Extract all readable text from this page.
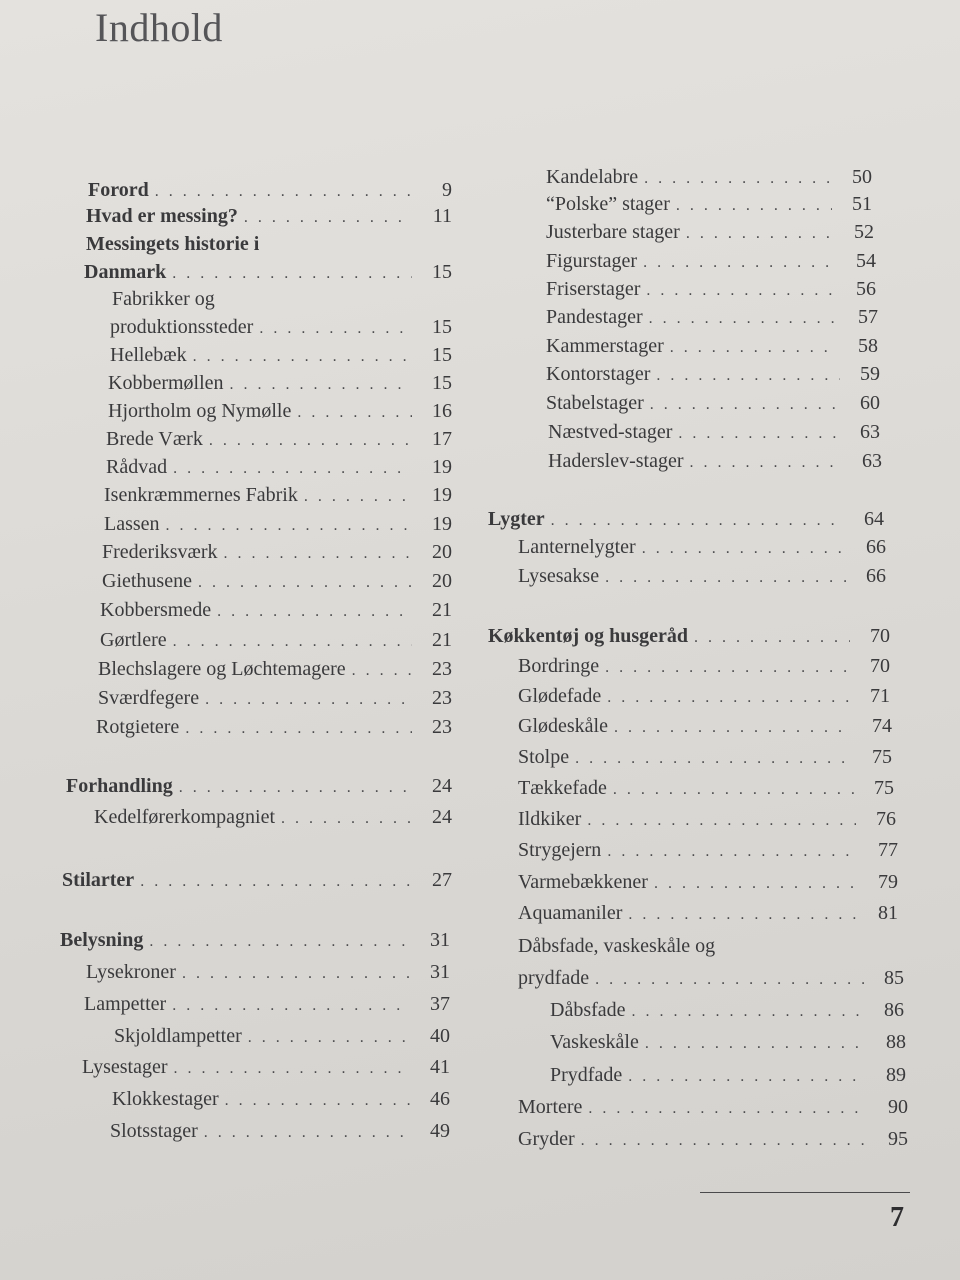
Indhold
Forord . . .	9
Hvad er messing? . . .	11
Messingets historie i
Danmark . . .	15
Fabrikker og
produktionssteder . . .	15
Hellebæk . . .	15
Kobbermøllen . . .	15
Hjortholm og Nymølle . . .	16
Brede Værk . . .	17
Rådvad . . .	19
Isenkræmmernes Fabrik . . .	19
Lassen . . .	19
Frederiksværk . . .	20
Giethusene . . .	20
Kobbersmede . . .	21
Gørtlere . . .	21
Blechslagere og Løchtemagere . . .	23
Sværdfegere . . .	23
Rotgietere . . .	23
Forhandling . . .	24
Kedelførerkompagniet . . .	24
Stilarter . . .	27
Belysning . . .	31
Lysekroner . . .	31
Lampetter . . .	37
Skjoldlampetter . . .	40
Lysestager . . .	41
Klokkestager . . .	46
Slotsstager . . .	49
Kandelabre . . .	50
“Polske” stager . . .	51
Justerbare stager . . .	52
Figurstager . . .	54
Friserstager . . .	56
Pandestager . . .	57
Kammerstager . . .	58
Kontorstager . . .	59
Stabelstager . . .	60
Næstved-stager . . .	63
Haderslev-stager . . .	63
Lygter . . .	64
Lanternelygter . . .	66
Lysesakse . . .	66
Køkkentøj og husgeråd . . .	70
Bordringe . . .	70
Glødefade . . .	71
Glødeskåle . . .	74
Stolpe . . .	75
Tækkefade . . .	75
Ildkiker . . .	76
Strygejern . . .	77
Varmebækkener . . .	79
Aquamaniler . . .	81
Dåbsfade, vaskeskåle og
prydfade . . .	85
Dåbsfade . . .	86
Vaskeskåle . . .	88
Prydfade . . .	89
Mortere . . .	90
Gryder . . .	95
7
